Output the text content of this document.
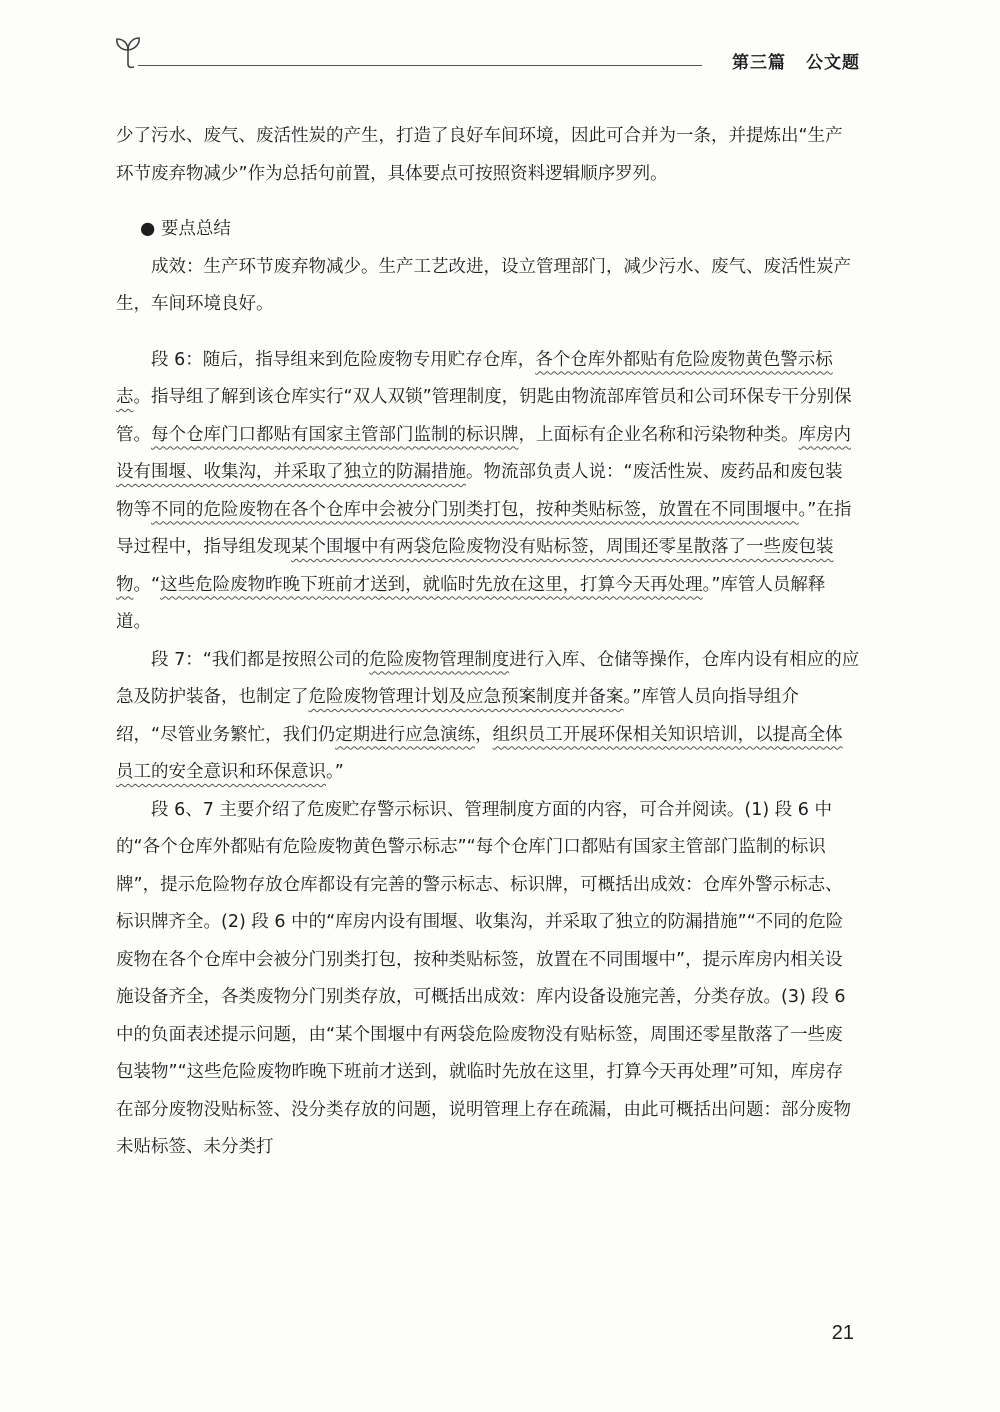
第三篇 公文题

少了污水、废气、废活性炭的产生，打造了良好车间环境，因此可合并为一条，并提炼出“生产环节废弃物减少”作为总括句前置，具体要点可按照资料逻辑顺序罗列。

● 要点总结

成效：生产环节废弃物减少。生产工艺改进，设立管理部门，减少污水、废气、废活性炭产生，车间环境良好。

段 6：随后，指导组来到危险废物专用贮存仓库，各个仓库外都贴有危险废物黄色警示标志。指导组了解到该仓库实行“双人双锁”管理制度，钥匙由物流部库管员和公司环保专干分别保管。每个仓库门口都贴有国家主管部门监制的标识牌，上面标有企业名称和污染物种类。库房内设有围堰、收集沟，并采取了独立的防漏措施。物流部负责人说：“废活性炭、废药品和废包装物等不同的危险废物在各个仓库中会被分门别类打包，按种类贴标签，放置在不同围堰中。”在指导过程中，指导组发现某个围堰中有两袋危险废物没有贴标签，周围还零星散落了一些废包装物。“这些危险废物昨晚下班前才送到，就临时先放在这里，打算今天再处理。”库管人员解释道。

段 7：“我们都是按照公司的危险废物管理制度进行入库、仓储等操作，仓库内设有相应的应急及防护装备，也制定了危险废物管理计划及应急预案制度并备案。”库管人员向指导组介绍，“尽管业务繁忙，我们仍定期进行应急演练，组织员工开展环保相关知识培训，以提高全体员工的安全意识和环保意识。”

段 6、7 主要介绍了危废贮存警示标识、管理制度方面的内容，可合并阅读。(1) 段 6 中的“各个仓库外都贴有危险废物黄色警示标志”“每个仓库门口都贴有国家主管部门监制的标识牌”，提示危险物存放仓库都设有完善的警示标志、标识牌，可概括出成效：仓库外警示标志、标识牌齐全。(2) 段 6 中的“库房内设有围堰、收集沟，并采取了独立的防漏措施”“不同的危险废物在各个仓库中会被分门别类打包，按种类贴标签，放置在不同围堰中”，提示库房内相关设施设备齐全，各类废物分门别类存放，可概括出成效：库内设备设施完善，分类存放。(3) 段 6 中的负面表述提示问题，由“某个围堰中有两袋危险废物没有贴标签，周围还零星散落了一些废包装物”“这些危险废物昨晚下班前才送到，就临时先放在这里，打算今天再处理”可知，库房存在部分废物没贴标签、没分类存放的问题，说明管理上存在疏漏，由此可概括出问题：部分废物未贴标签、未分类打

21
